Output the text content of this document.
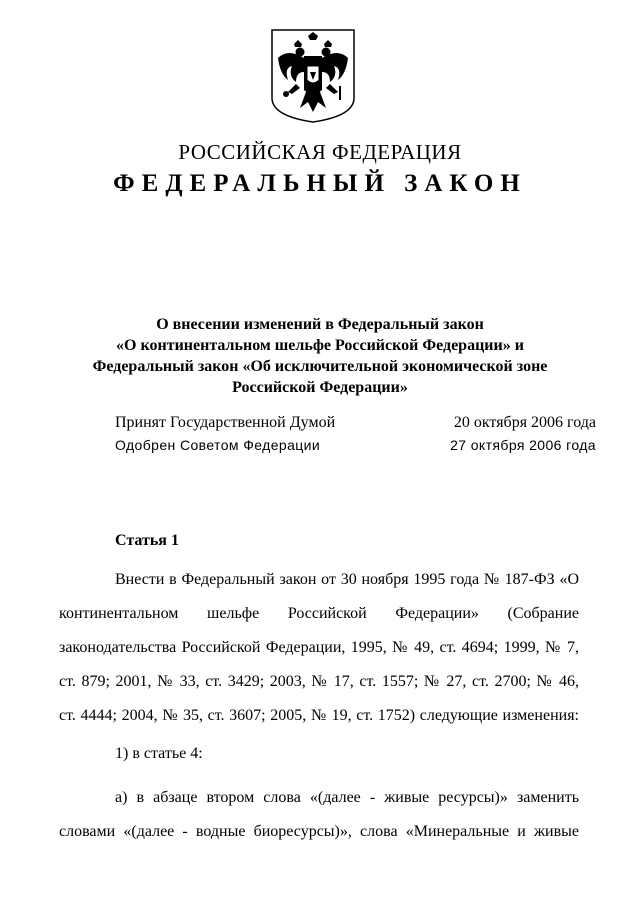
РОССИЙСКАЯ ФЕДЕРАЦИЯ
ФЕДЕРАЛЬНЫЙ ЗАКОН
О внесении изменений в Федеральный закон
«О континентальном шельфе Российской Федерации» и
Федеральный закон «Об исключительной экономической зоне
Российской Федерации»
Принят Государственной Думой	20 октября 2006 года
Одобрен Советом Федерации	27 октября 2006 года
Статья 1
Внести в Федеральный закон от 30 ноября 1995 года № 187-ФЗ «О
континентальном шельфе Российской Федерации» (Собрание
законодательства Российской Федерации, 1995, № 49, ст. 4694; 1999, № 7,
ст. 879; 2001, № 33, ст. 3429; 2003, № 17, ст. 1557; № 27, ст. 2700; № 46,
ст. 4444; 2004, № 35, ст. 3607; 2005, № 19, ст. 1752) следующие изменения:
1) в статье 4:
а) в абзаце втором слова «(далее - живые ресурсы)» заменить
словами «(далее - водные биоресурсы)», слова «Минеральные и живые
